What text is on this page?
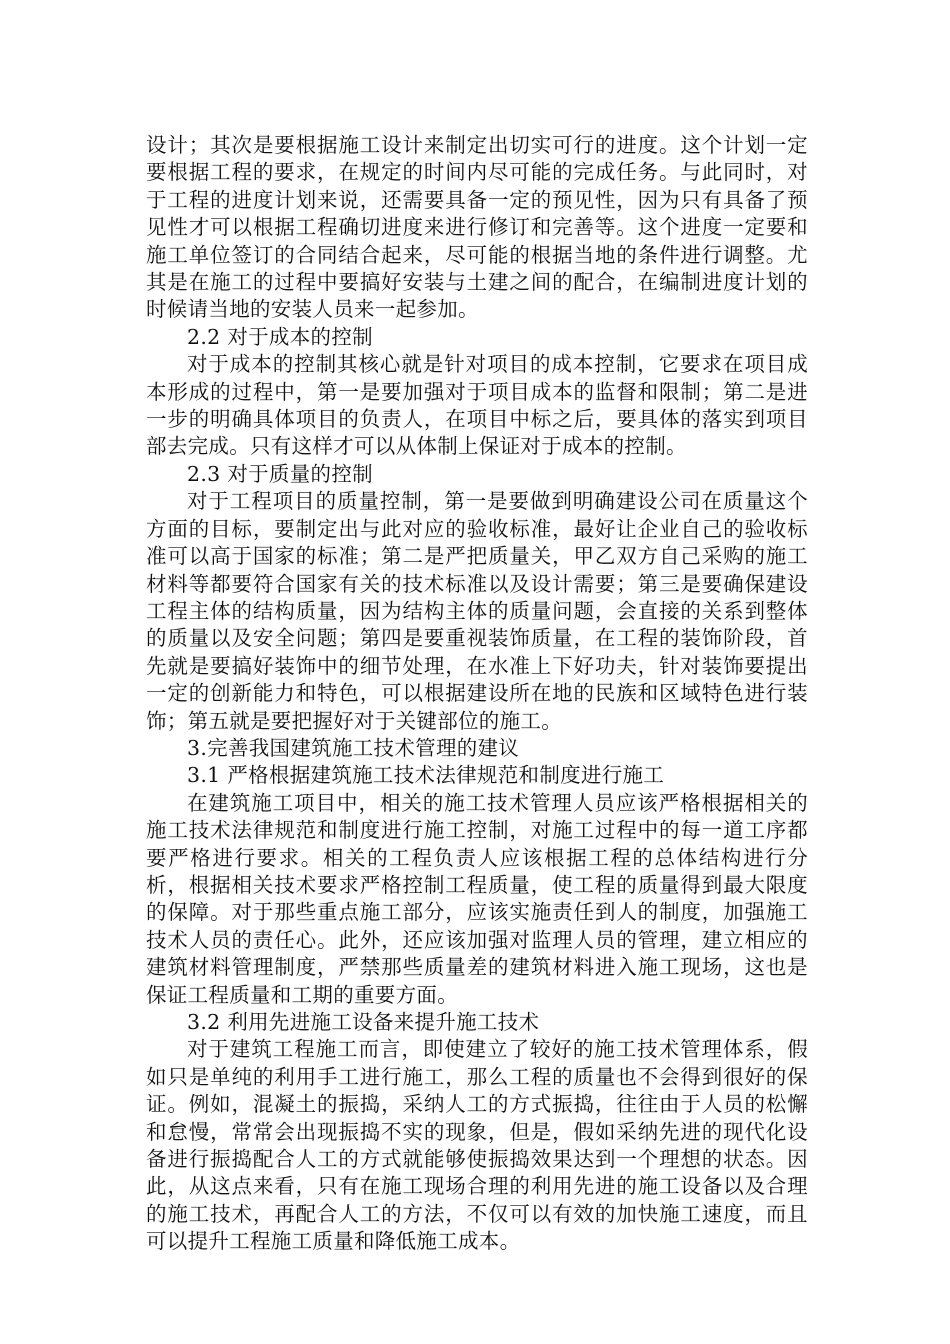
设计；其次是要根据施工设计来制定出切实可行的进度。这个计划一定要根据工程的要求，在规定的时间内尽可能的完成任务。与此同时，对于工程的进度计划来说，还需要具备一定的预见性，因为只有具备了预见性才可以根据工程确切进度来进行修订和完善等。这个进度一定要和施工单位签订的合同结合起来，尽可能的根据当地的条件进行调整。尤其是在施工的过程中要搞好安装与土建之间的配合，在编制进度计划的时候请当地的安装人员来一起参加。

2.2 对于成本的控制

对于成本的控制其核心就是针对项目的成本控制，它要求在项目成本形成的过程中，第一是要加强对于项目成本的监督和限制；第二是进一步的明确具体项目的负责人，在项目中标之后，要具体的落实到项目部去完成。只有这样才可以从体制上保证对于成本的控制。

2.3 对于质量的控制

对于工程项目的质量控制，第一是要做到明确建设公司在质量这个方面的目标，要制定出与此对应的验收标准，最好让企业自己的验收标准可以高于国家的标准；第二是严把质量关，甲乙双方自己采购的施工材料等都要符合国家有关的技术标准以及设计需要；第三是要确保建设工程主体的结构质量，因为结构主体的质量问题，会直接的关系到整体的质量以及安全问题；第四是要重视装饰质量，在工程的装饰阶段，首先就是要搞好装饰中的细节处理，在水准上下好功夫，针对装饰要提出一定的创新能力和特色，可以根据建设所在地的民族和区域特色进行装饰；第五就是要把握好对于关键部位的施工。

3.完善我国建筑施工技术管理的建议

3.1 严格根据建筑施工技术法律规范和制度进行施工

在建筑施工项目中，相关的施工技术管理人员应该严格根据相关的施工技术法律规范和制度进行施工控制，对施工过程中的每一道工序都要严格进行要求。相关的工程负责人应该根据工程的总体结构进行分析，根据相关技术要求严格控制工程质量，使工程的质量得到最大限度的保障。对于那些重点施工部分，应该实施责任到人的制度，加强施工技术人员的责任心。此外，还应该加强对监理人员的管理，建立相应的建筑材料管理制度，严禁那些质量差的建筑材料进入施工现场，这也是保证工程质量和工期的重要方面。

3.2 利用先进施工设备来提升施工技术

对于建筑工程施工而言，即使建立了较好的施工技术管理体系，假如只是单纯的利用手工进行施工，那么工程的质量也不会得到很好的保证。例如，混凝土的振捣，采纳人工的方式振捣，往往由于人员的松懈和怠慢，常常会出现振捣不实的现象，但是，假如采纳先进的现代化设备进行振捣配合人工的方式就能够使振捣效果达到一个理想的状态。因此，从这点来看，只有在施工现场合理的利用先进的施工设备以及合理的施工技术，再配合人工的方法，不仅可以有效的加快施工速度，而且可以提升工程施工质量和降低施工成本。
